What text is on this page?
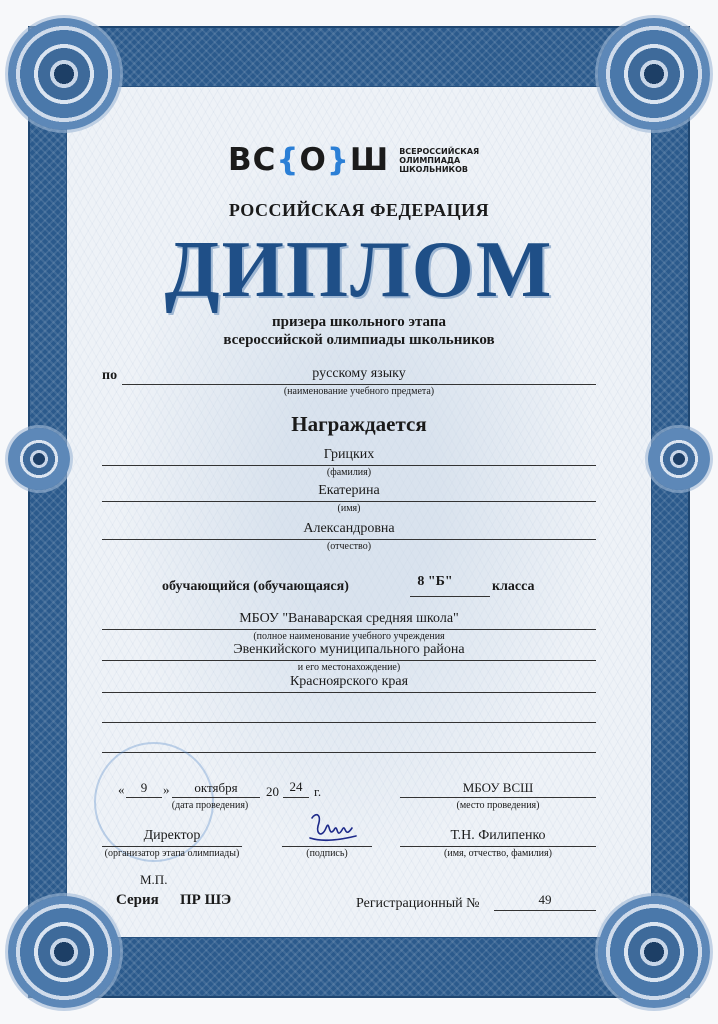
ВС{О}Ш ВСЕРОССИЙСКАЯ ОЛИМПИАДА ШКОЛЬНИКОВ
РОССИЙСКАЯ ФЕДЕРАЦИЯ
ДИПЛОМ
призера школьного этапа
всероссийской олимпиады школьников
по	русскому языку
(наименование учебного предмета)
Награждается
Грицких
(фамилия)
Екатерина
(имя)
Александровна
(отчество)
обучающийся (обучающаяся)	8 "Б"	класса
МБОУ "Ванаварская средняя школа"
(полное наименование учебного учреждения
Эвенкийского муниципального района
и его местонахождение)
Красноярского края
«	9	»	октября	20 24 г.
(дата проведения)
МБОУ ВСШ
(место проведения)
Директор
(организатор этапа олимпиады)	(подпись)
Т.Н. Филипенко
(имя, отчество, фамилия)
М.П.
Серия ПР ШЭ	Регистрационный №	49
